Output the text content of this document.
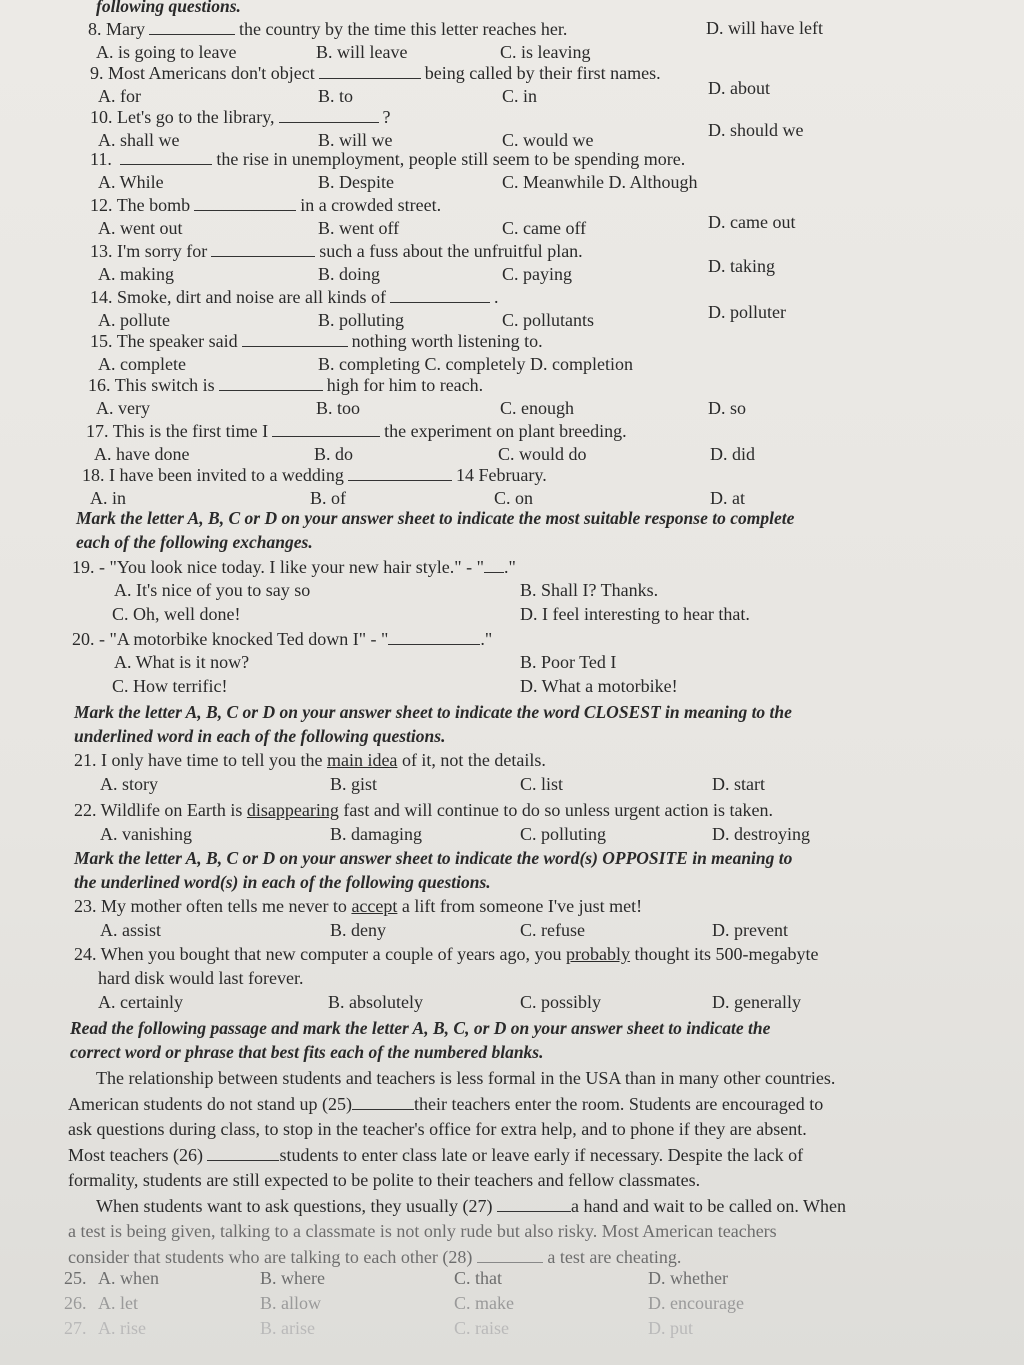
following questions.
8. Mary	the country by the time this letter reaches her.
A. is going to leave	B. will leave	C. is leaving
D. will have left
9. Most Americans don't object	being called by their first names.
A. for	B. to	C. in	D. about
10. Let's go to the library,	?
A. shall we	B. will we	C. would we	D. should we
11.	the rise in unemployment, people still seem to be spending more.
A. While	B. Despite	C. Meanwhile D. Although
12. The bomb	in a crowded street.
A. went out	B. went off	C. came off	D. came out
13. I'm sorry for	such a fuss about the unfruitful plan.
A. making	B. doing	C. paying	D. taking
14. Smoke, dirt and noise are all kinds of	.
A. pollute	B. polluting	C. pollutants	D. polluter
15. The speaker said	nothing worth listening to.
A. complete	B. completing C. completely D. completion
16. This switch is	high for him to reach.
A. very	B. too	C. enough	D. so
17. This is the first time I	the experiment on plant breeding.
A. have done	B. do	C. would do	D. did
18. I have been invited to a wedding	14 February.
A. in	B. of	C. on	D. at
Mark the letter A, B, C or D on your answer sheet to indicate the most suitable response to complete
each of the following exchanges.
19. - "You look nice today. I like your new hair style." - " ."
A. It's nice of you to say so	B. Shall I? Thanks.
C. Oh, well done!	D. I feel interesting to hear that.
20. - "A motorbike knocked Ted down I" - "	."
A. What is it now?	B. Poor Ted I
C. How terrific!	D. What a motorbike!
Mark the letter A, B, C or D on your answer sheet to indicate the word CLOSEST in meaning to the
underlined word in each of the following questions.
21. I only have time to tell you the main idea of it, not the details.
A. story	B. gist	C. list	D. start
22. Wildlife on Earth is disappearing fast and will continue to do so unless urgent action is taken.
A. vanishing	B. damaging	C. polluting	D. destroying
Mark the letter A, B, C or D on your answer sheet to indicate the word(s) OPPOSITE in meaning to
the underlined word(s) in each of the following questions.
23. My mother often tells me never to accept a lift from someone I've just met!
A. assist	B. deny	C. refuse	D. prevent
24. When you bought that new computer a couple of years ago, you probably thought its 500-megabyte
hard disk would last forever.
A. certainly	B. absolutely	C. possibly	D. generally
Read the following passage and mark the letter A, B, C, or D on your answer sheet to indicate the
correct word or phrase that best fits each of the numbered blanks.
The relationship between students and teachers is less formal in the USA than in many other countries.
American students do not stand up (25)	their teachers enter the room. Students are encouraged to
ask questions during class, to stop in the teacher's office for extra help, and to phone if they are absent.
Most teachers (26)	students to enter class late or leave early if necessary. Despite the lack of
formality, students are still expected to be polite to their teachers and fellow classmates.
When students want to ask questions, they usually (27)	a hand and wait to be called on. When
a test is being given, talking to a classmate is not only rude but also risky. Most American teachers
consider that students who are talking to each other (28)	a test are cheating.
25. A. when	B. where	C. that	D. whether
26. A. let	B. allow	C. make	D. encourage
27. A. rise	B. arise	C. raise	D. put
